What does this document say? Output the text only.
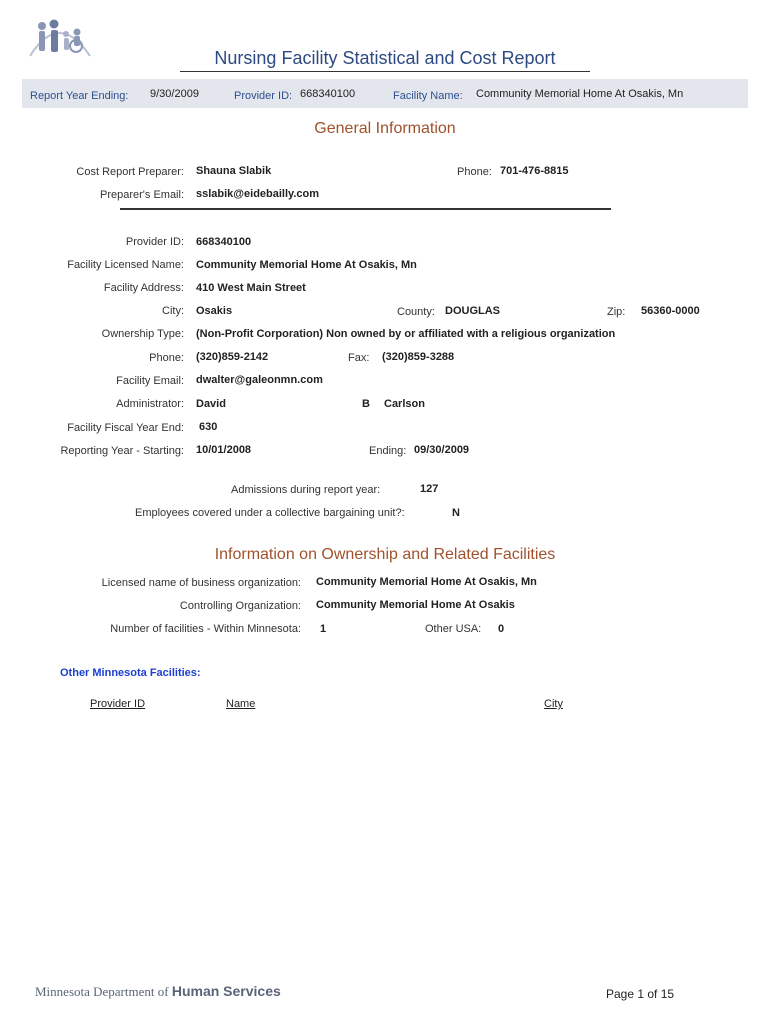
Nursing Facility Statistical and Cost Report
Report Year Ending: 9/30/2009	Provider ID: 668340100	Facility Name: Community Memorial Home At Osakis, Mn
General Information
Cost Report Preparer: Shauna Slabik	Phone: 701-476-8815
Preparer's Email: sslabik@eidebailly.com
Provider ID: 668340100
Facility Licensed Name: Community Memorial Home At Osakis, Mn
Facility Address: 410 West Main Street
City: Osakis	County: DOUGLAS	Zip: 56360-0000
Ownership Type: (Non-Profit Corporation) Non owned by or affiliated with a religious organization
Phone: (320)859-2142	Fax: (320)859-3288
Facility Email: dwalter@galeonmn.com
Administrator: David	B Carlson
Facility Fiscal Year End: 630
Reporting Year - Starting: 10/01/2008	Ending: 09/30/2009
Admissions during report year:	127
Employees covered under a collective bargaining unit?:	N
Information on Ownership and Related Facilities
Licensed name of business organization: Community Memorial Home At Osakis, Mn
Controlling Organization: Community Memorial Home At Osakis
Number of facilities - Within Minnesota: 1	Other USA: 0
Other Minnesota Facilities:
Provider ID	Name	City
Minnesota Department of Human Services	Page 1 of 15
